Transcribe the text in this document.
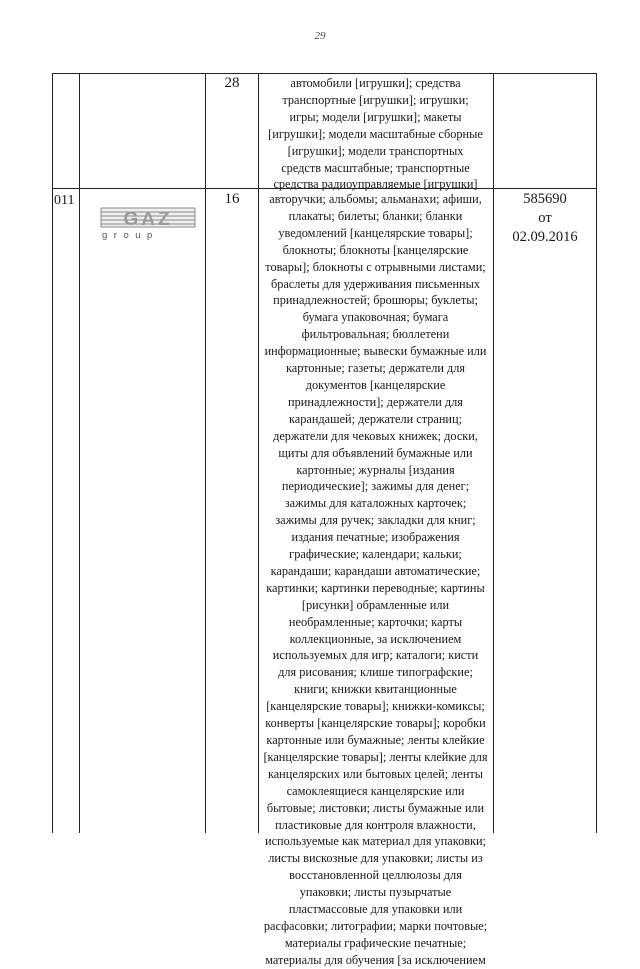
29
28	автомобили [игрушки]; средства
транспортные [игрушки]; игрушки;
игры; модели [игрушки]; макеты
[игрушки]; модели масштабные сборные
[игрушки]; модели транспортных
средств масштабные; транспортные
средства радиоуправляемые [игрушки]
011
GAZ
group
16	авторучки; альбомы; альманахи; афиши,
плакаты; билеты; бланки; бланки
уведомлений [канцелярские товары];
блокноты; блокноты [канцелярские
товары]; блокноты с отрывными листами;
браслеты для удерживания письменных
принадлежностей; брошюры; буклеты;
бумага упаковочная; бумага
фильтровальная; бюллетени
информационные; вывески бумажные или
картонные; газеты; держатели для
документов [канцелярские
принадлежности]; держатели для
карандашей; держатели страниц;
держатели для чековых книжек; доски,
щиты для объявлений бумажные или
картонные; журналы [издания
периодические]; зажимы для денег;
зажимы для каталожных карточек;
зажимы для ручек; закладки для книг;
издания печатные; изображения
графические; календари; кальки;
карандаши; карандаши автоматические;
картинки; картинки переводные; картины
[рисунки] обрамленные или
необрамленные; карточки; карты
коллекционные, за исключением
используемых для игр; каталоги; кисти
для рисования; клише типографские;
книги; книжки квитанционные
[канцелярские товары]; книжки-комиксы;
конверты [канцелярские товары]; коробки
картонные или бумажные; ленты клейкие
[канцелярские товары]; ленты клейкие для
канцелярских или бытовых целей; ленты
самоклеящиеся канцелярские или
бытовые; листовки; листы бумажные или
пластиковые для контроля влажности,
используемые как материал для упаковки;
листы вискозные для упаковки; листы из
восстановленной целлюлозы для
упаковки; листы пузырчатые
пластмассовые для упаковки или
расфасовки; литографии; марки почтовые;
материалы графические печатные;
материалы для обучения [за исключением
585690
от
02.09.2016
